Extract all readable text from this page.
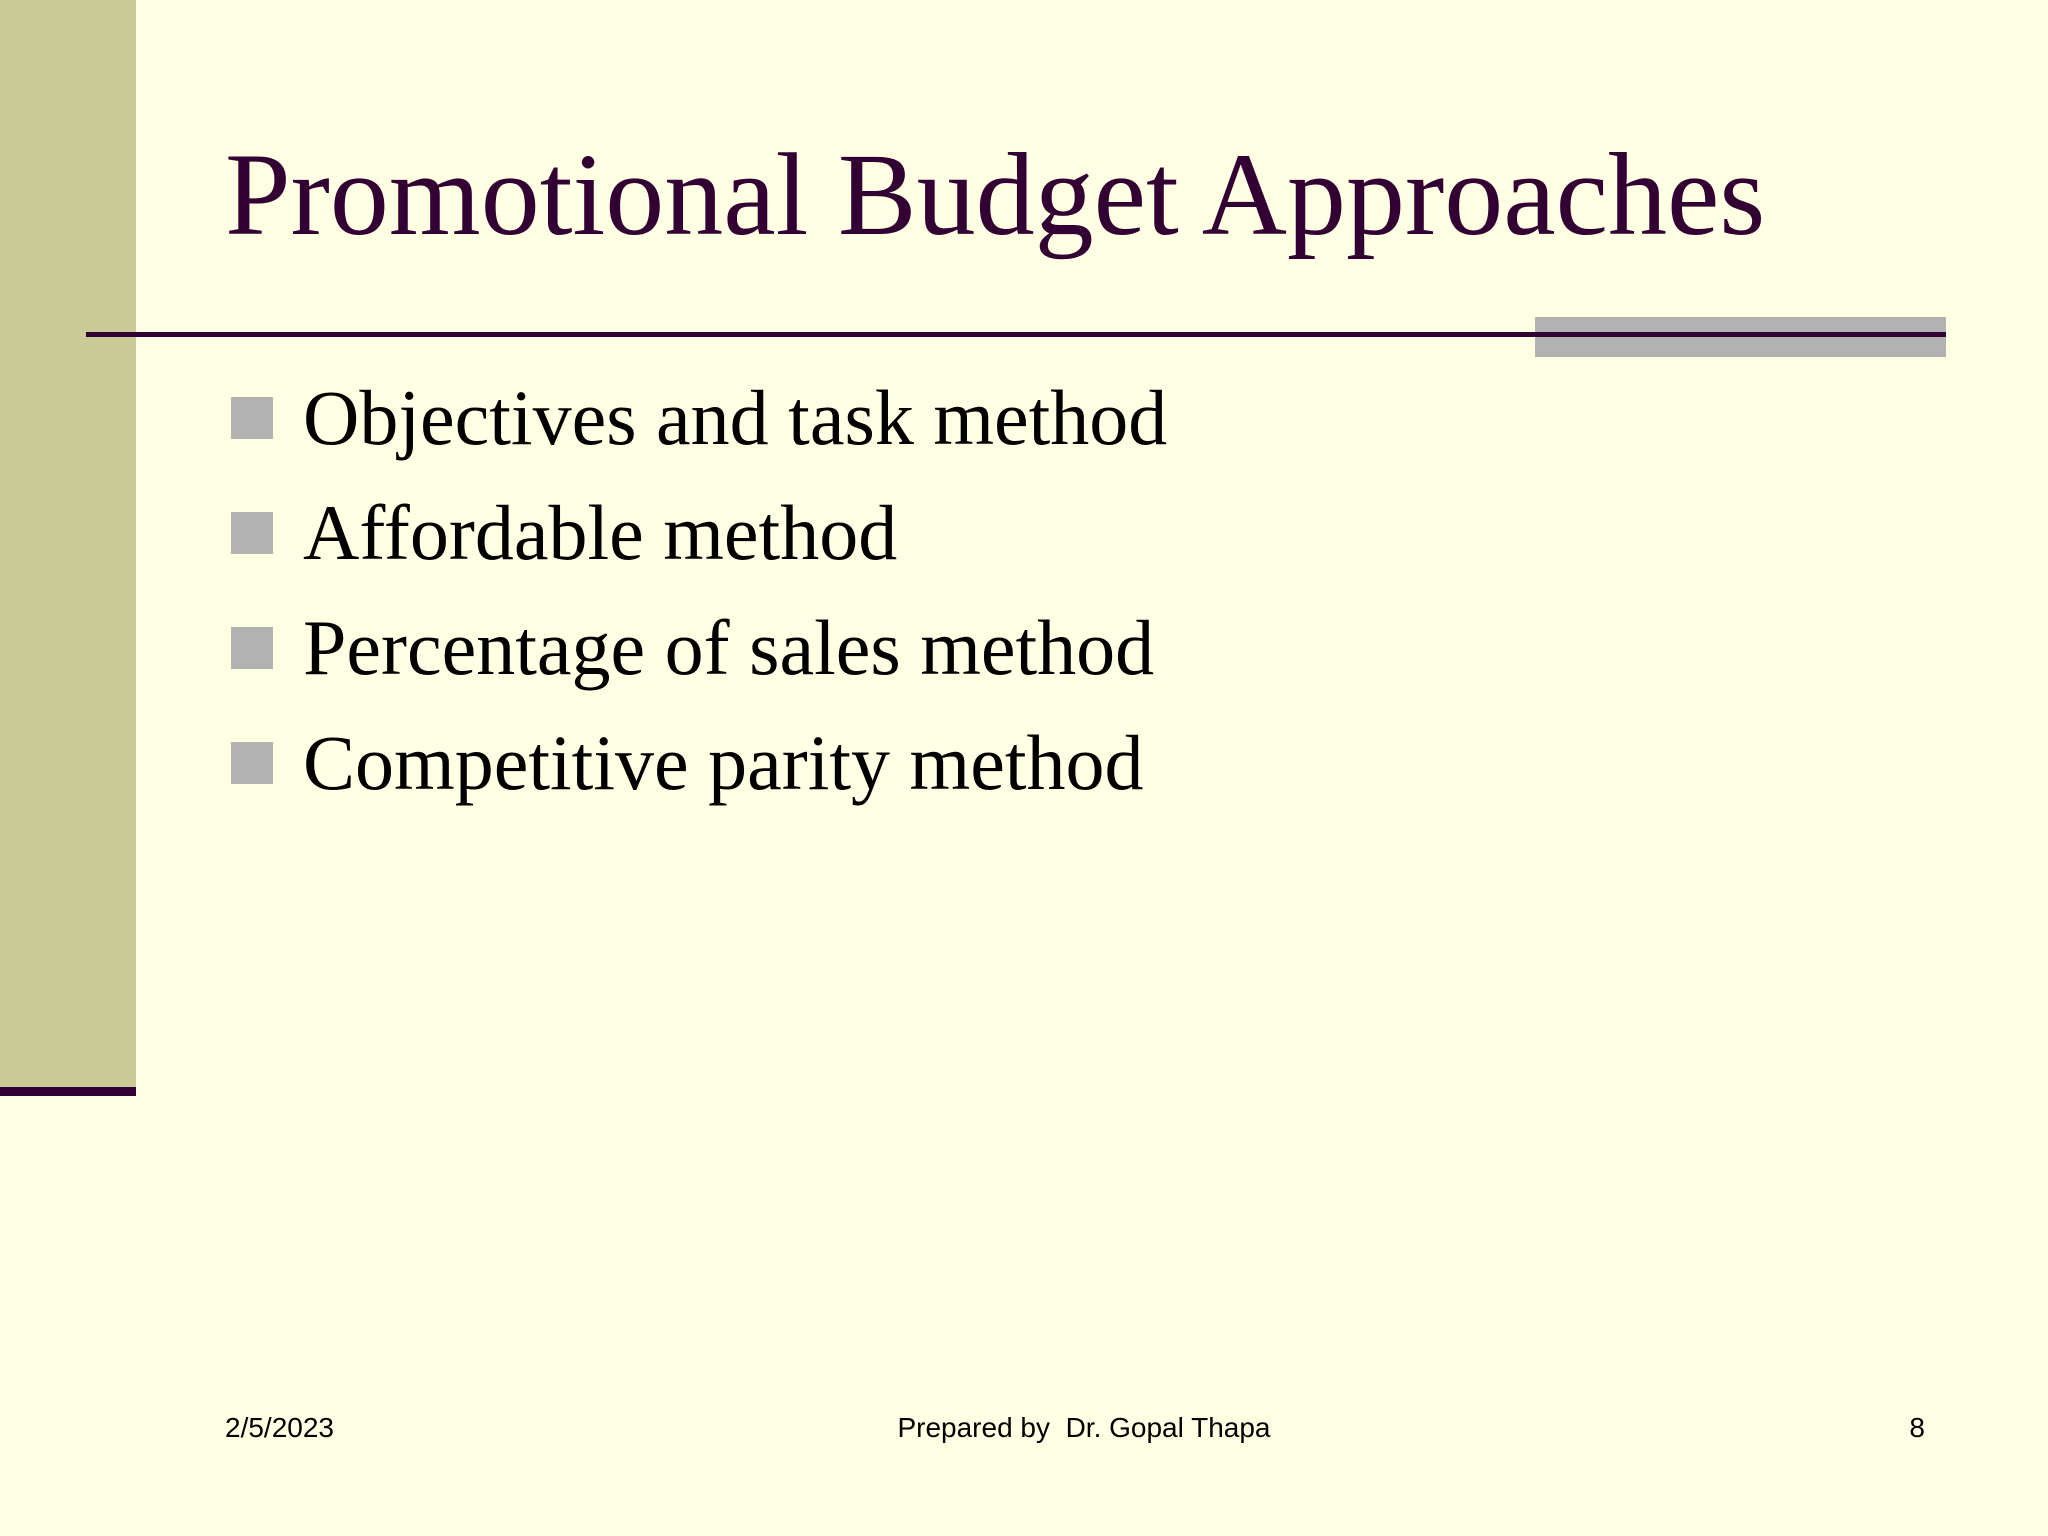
Promotional Budget Approaches
Objectives and task method
Affordable method
Percentage of sales method
Competitive parity method
2/5/2023	Prepared by  Dr. Gopal Thapa	8
